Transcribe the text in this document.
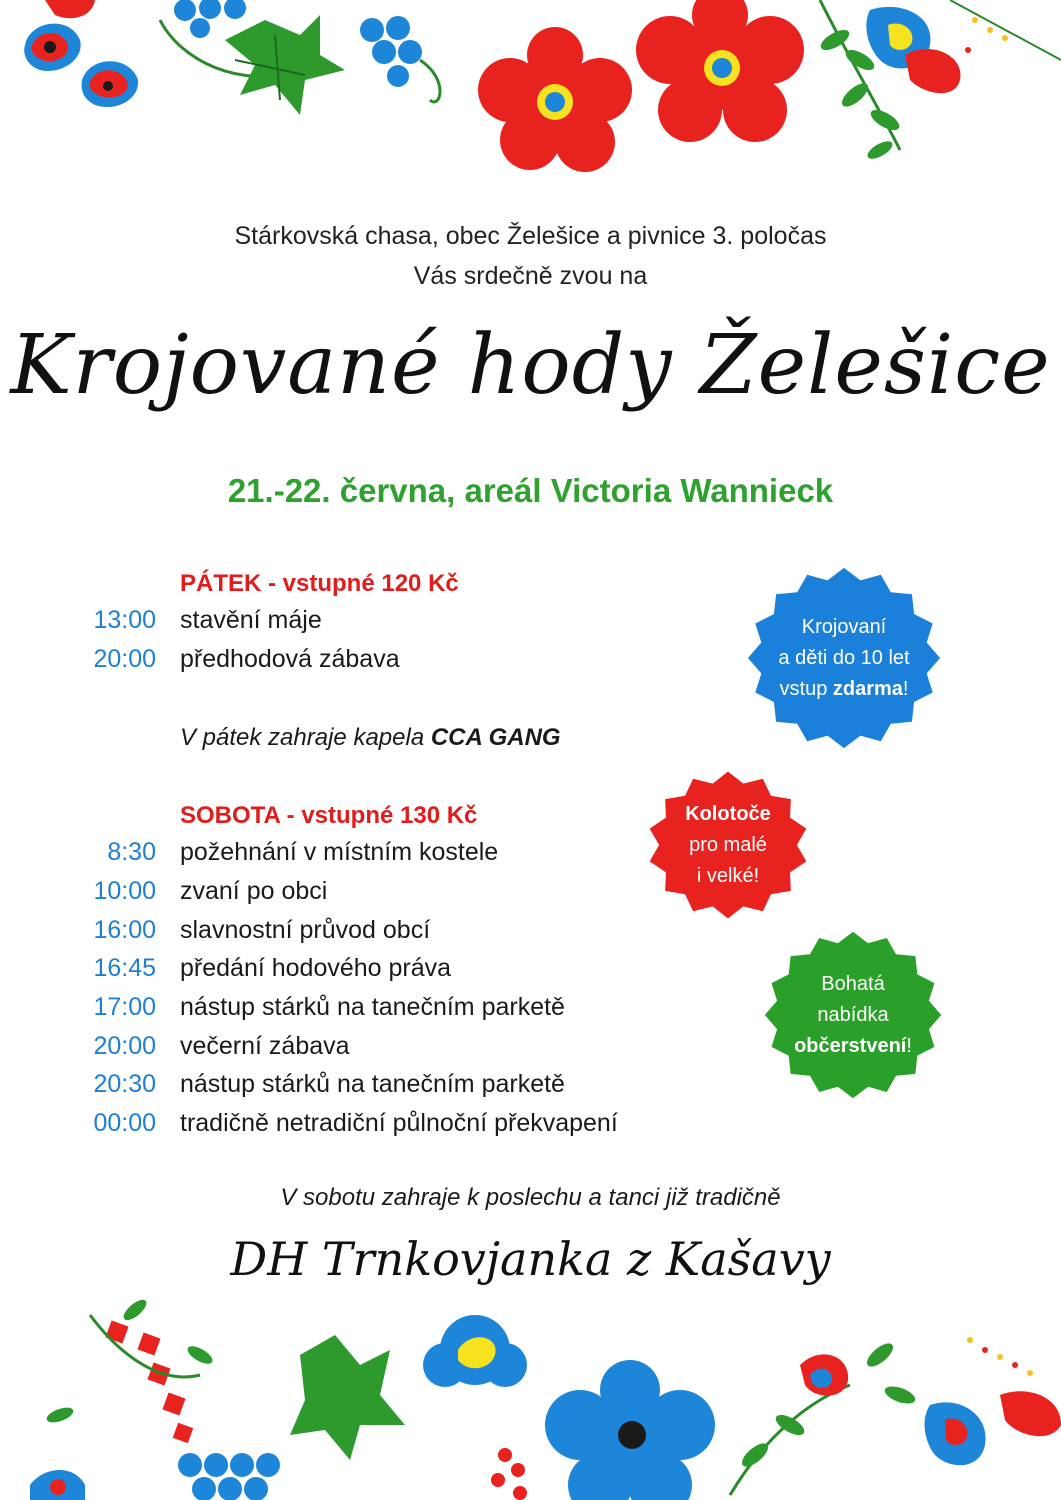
Stárkovská chasa, obec Želešice a pivnice 3. poločas
Vás srdečně zvou na
Krojované hody Želešice
21.-22. června, areál Victoria Wannieck
PÁTEK - vstupné 120 Kč
13:00 stavění máje
20:00 předhodová zábava
V pátek zahraje kapela CCA GANG
SOBOTA - vstupné 130 Kč
8:30 požehnání v místním kostele
10:00 zvaní po obci
16:00 slavnostní průvod obcí
16:45 předání hodového práva
17:00 nástup stárků na tanečním parketě
20:00 večerní zábava
20:30 nástup stárků na tanečním parketě
00:00 tradičně netradiční půlnoční překvapení
Krojovaní
a děti do 10 let
vstup zdarma!
Kolotoče
pro malé
i velké!
Bohatá
nabídka
občerstvení!
V sobotu zahraje k poslechu a tanci již tradičně
DH Trnkovjanka z Kašavy
